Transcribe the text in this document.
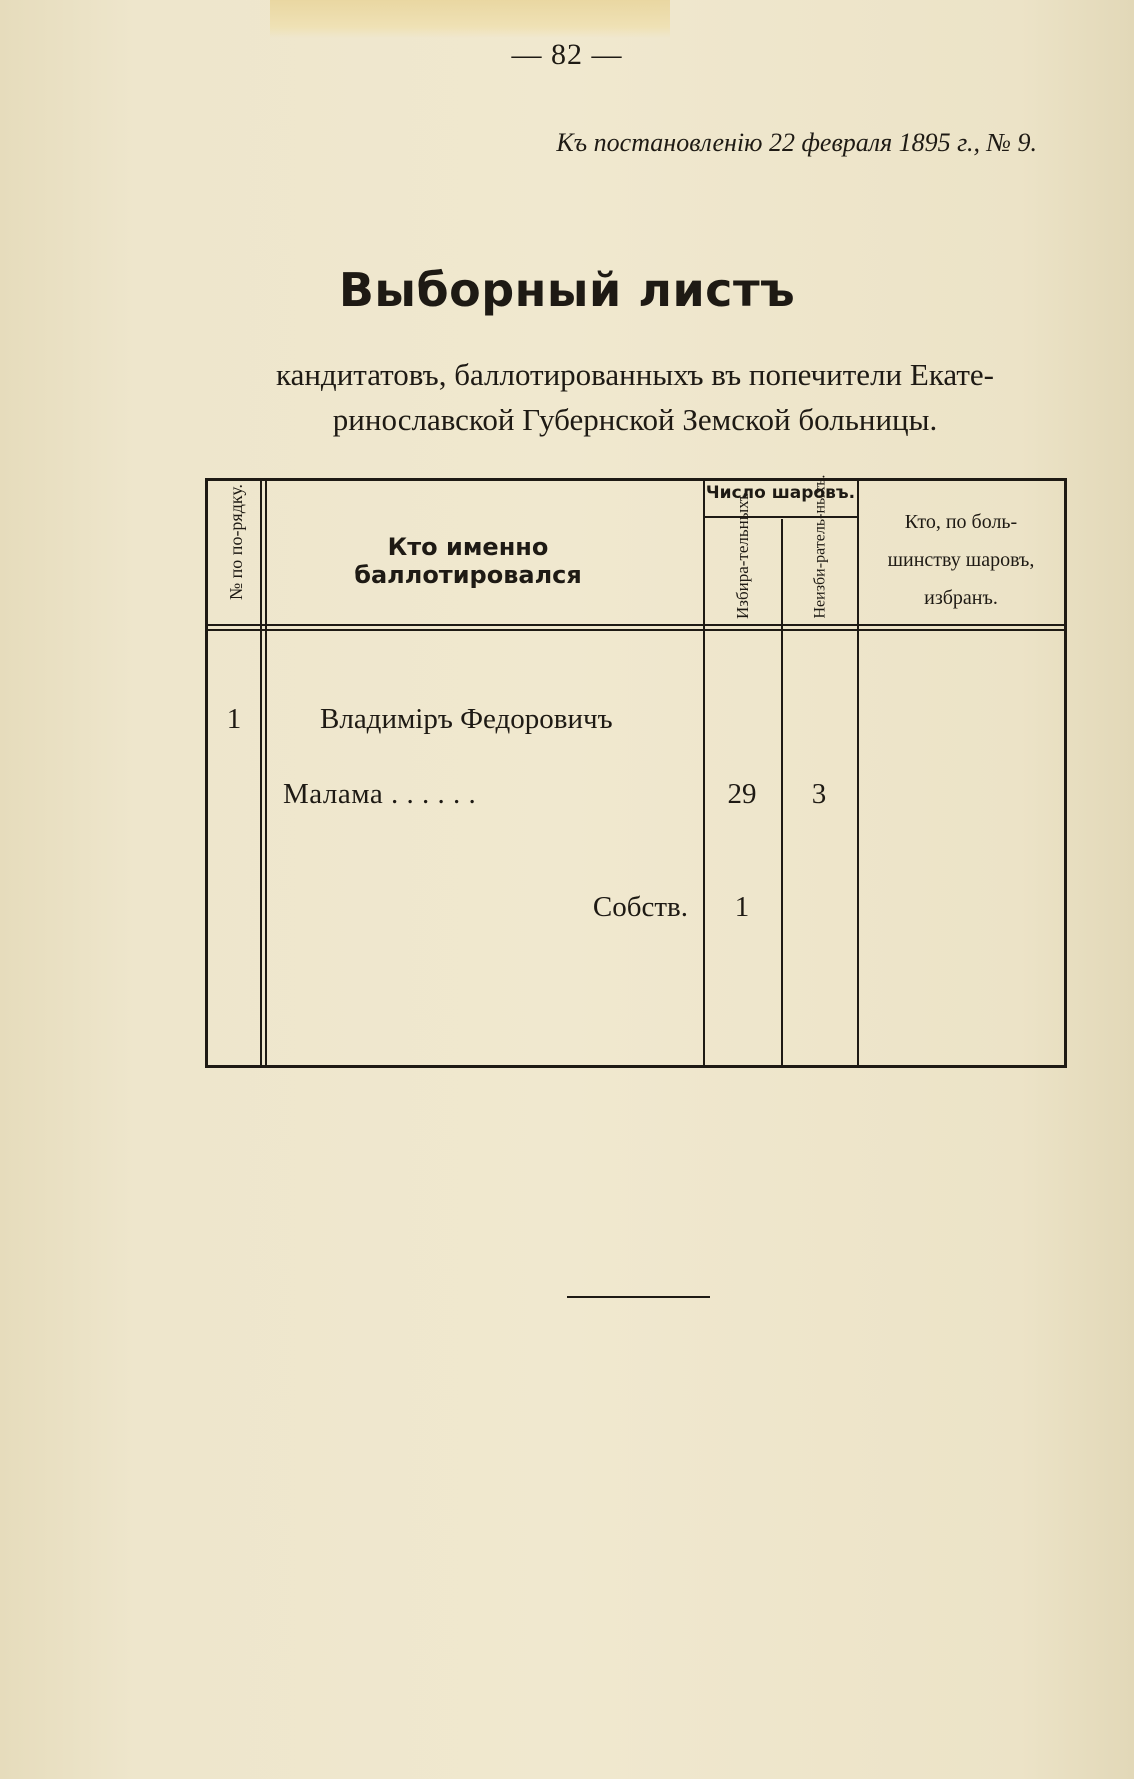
— 82 —
Къ постановленію 22 февраля 1895 г., № 9.
Выборный листъ
кандитатовъ, баллотированныхъ въ попечители Екате-
ринославской Губернской Земской больницы.
№ по по-рядку.	Кто именно баллотировался
Число шаровъ.
Избира-тельныхъ.	Неизби-ратель-ныхъ.	Кто, по боль-
шинству шаровъ,
избранъ.
1	Владиміръ Федоровичъ
Малама . . . . . .	29	3
Собств.	1
